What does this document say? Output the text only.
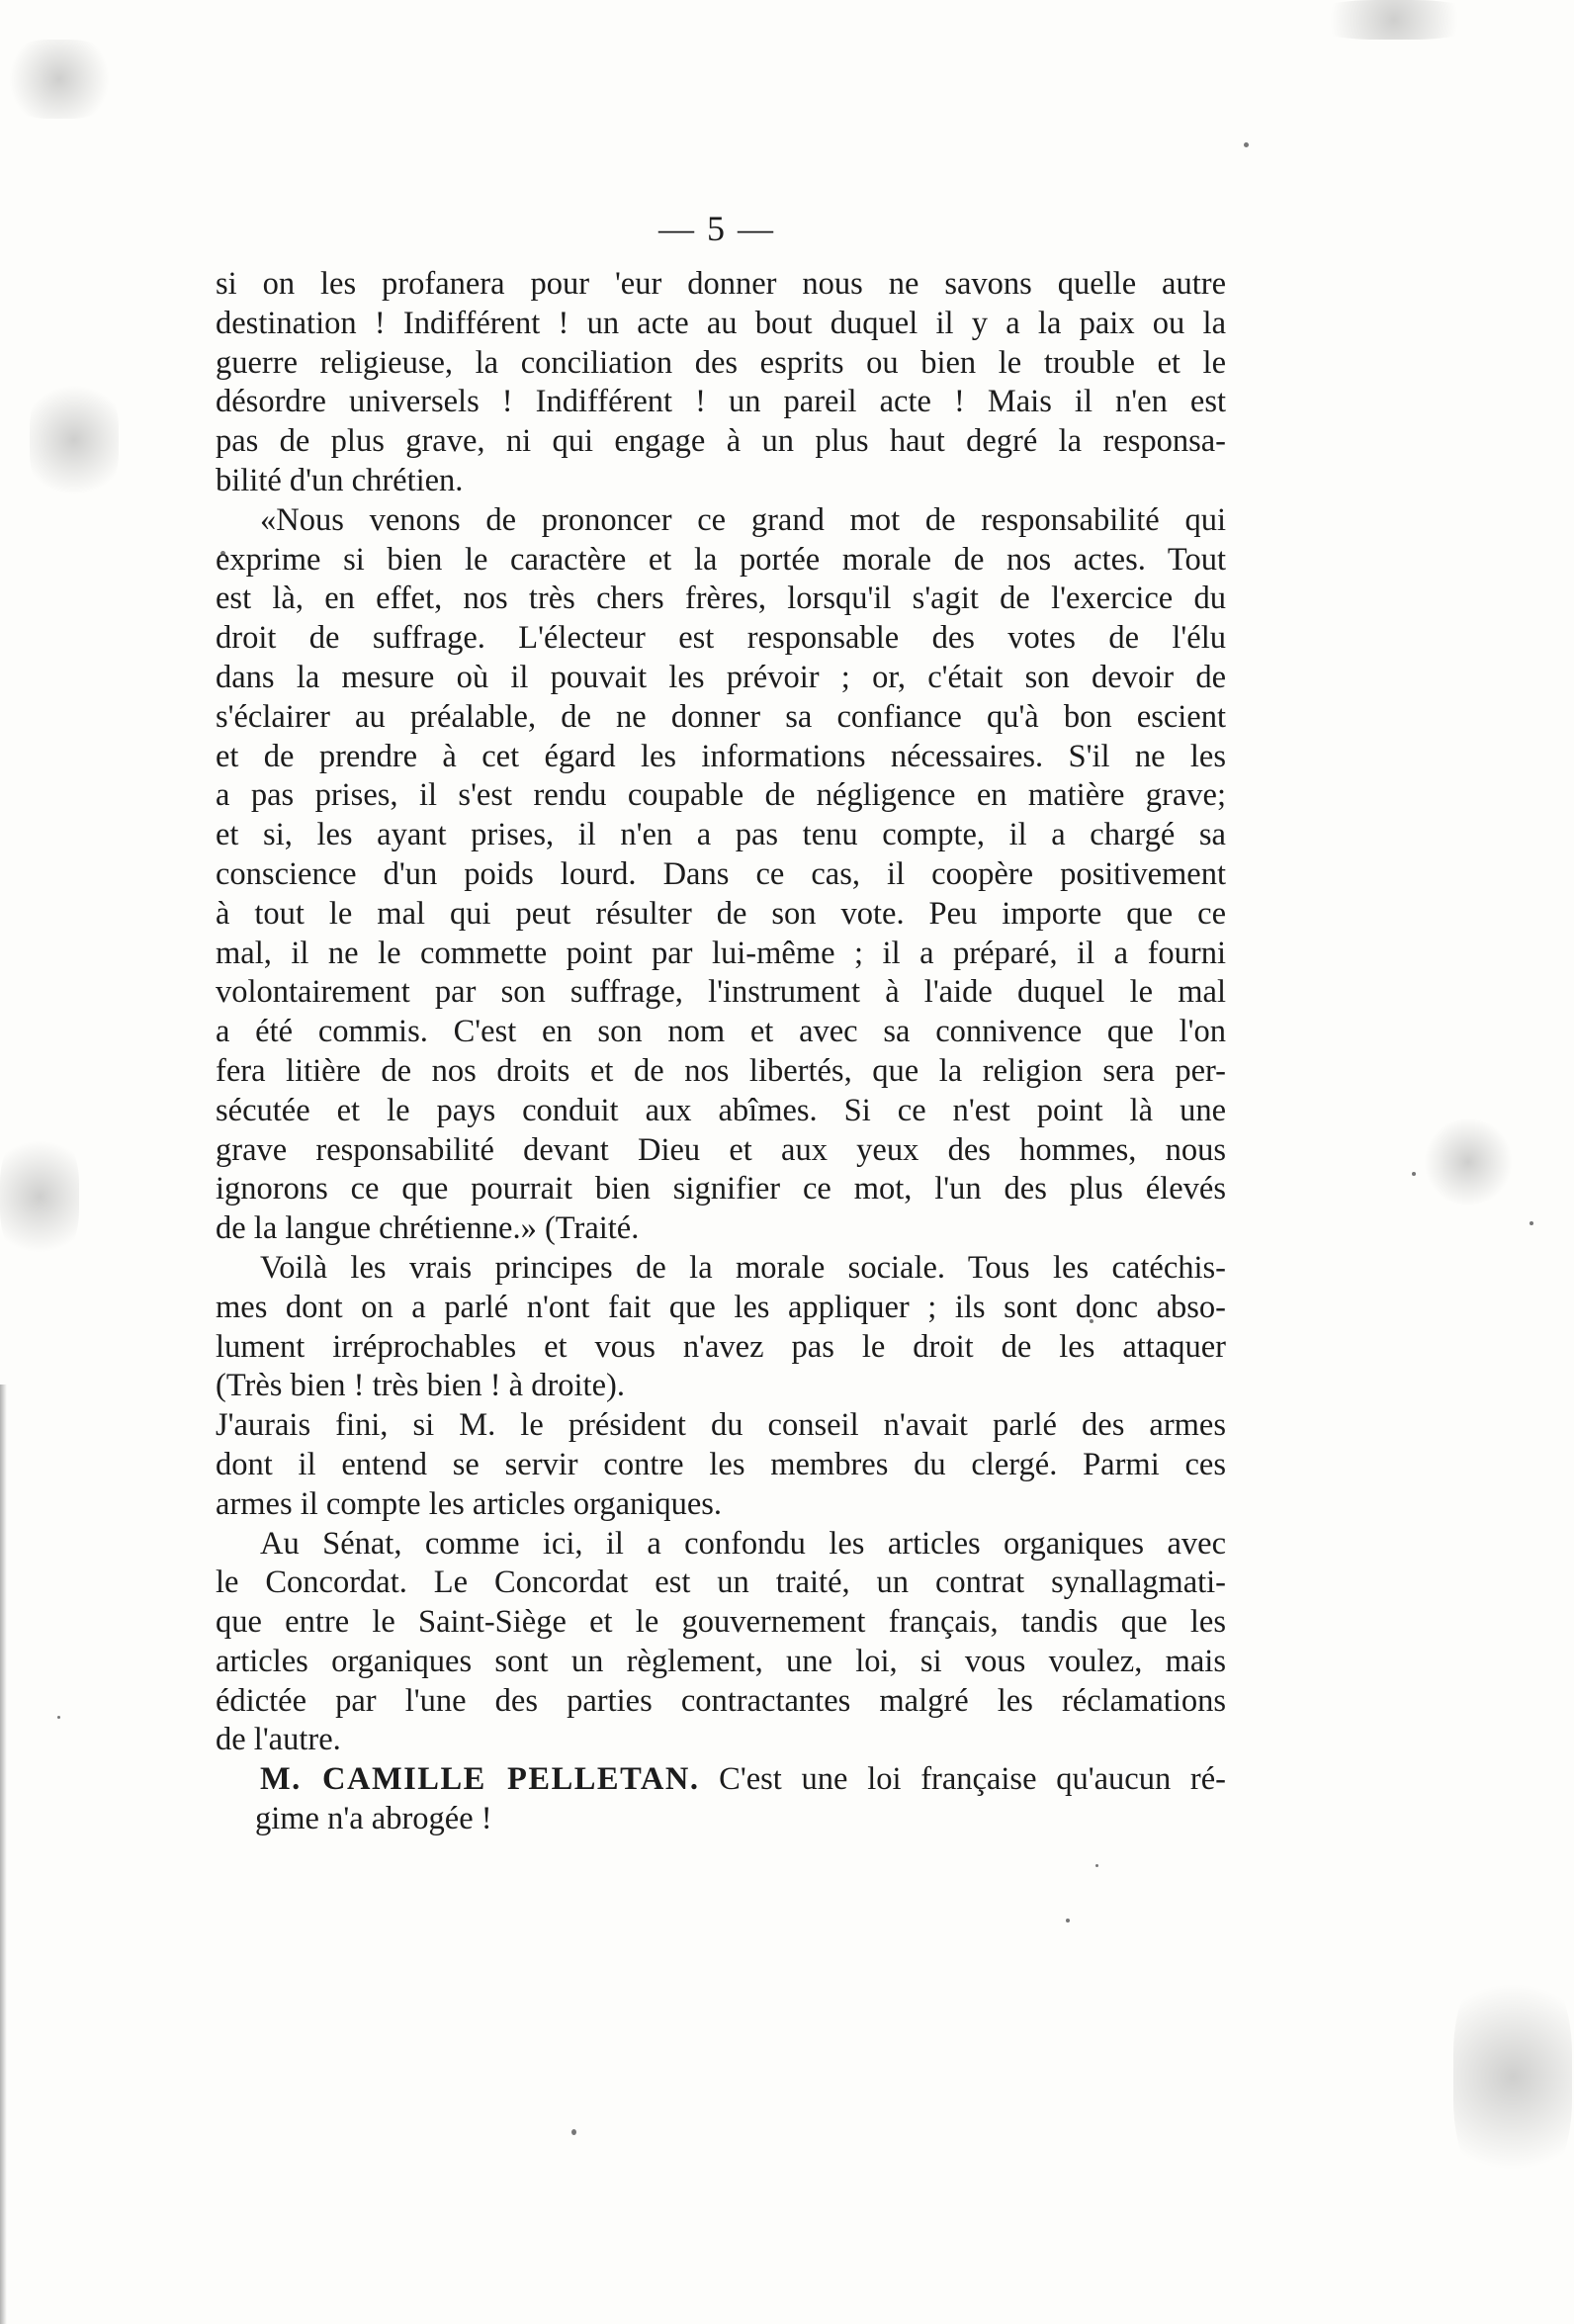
— 5 —

si on les profanera pour 'eur donner nous ne savons quelle autre

destination ! Indifférent ! un acte au bout duquel il y a la paix ou la

guerre religieuse, la conciliation des esprits ou bien le trouble et le

désordre universels ! Indifférent ! un pareil acte ! Mais il n'en est

pas de plus grave, ni qui engage à un plus haut degré la responsa-

bilité d'un chrétien.

«Nous venons de prononcer ce grand mot de responsabilité qui

exprime si bien le caractère et la portée morale de nos actes. Tout

est là, en effet, nos très chers frères, lorsqu'il s'agit de l'exercice du

droit de suffrage. L'électeur est responsable des votes de l'élu

dans la mesure où il pouvait les prévoir ; or, c'était son devoir de

s'éclairer au préalable, de ne donner sa confiance qu'à bon escient

et de prendre à cet égard les informations nécessaires. S'il ne les

a pas prises, il s'est rendu coupable de négligence en matière grave;

et si, les ayant prises, il n'en a pas tenu compte, il a chargé sa

conscience d'un poids lourd. Dans ce cas, il coopère positivement

à tout le mal qui peut résulter de son vote. Peu importe que ce

mal, il ne le commette point par lui-même ; il a préparé, il a fourni

volontairement par son suffrage, l'instrument à l'aide duquel le mal

a été commis. C'est en son nom et avec sa connivence que l'on

fera litière de nos droits et de nos libertés, que la religion sera per-

sécutée et le pays conduit aux abîmes. Si ce n'est point là une

grave responsabilité devant Dieu et aux yeux des hommes, nous

ignorons ce que pourrait bien signifier ce mot, l'un des plus élevés

de la langue chrétienne.» (Traité.

Voilà les vrais principes de la morale sociale. Tous les catéchis-

mes dont on a parlé n'ont fait que les appliquer ; ils sont donc abso-

lument irréprochables et vous n'avez pas le droit de les attaquer

(Très bien ! très bien ! à droite).

J'aurais fini, si M. le président du conseil n'avait parlé des armes

dont il entend se servir contre les membres du clergé. Parmi ces

armes il compte les articles organiques.

Au Sénat, comme ici, il a confondu les articles organiques avec

le Concordat. Le Concordat est un traité, un contrat synallagmati-

que entre le Saint-Siège et le gouvernement français, tandis que les

articles organiques sont un règlement, une loi, si vous voulez, mais

édictée par l'une des parties contractantes malgré les réclamations

de l'autre.

M. CAMILLE PELLETAN. C'est une loi française qu'aucun ré-

gime n'a abrogée !
